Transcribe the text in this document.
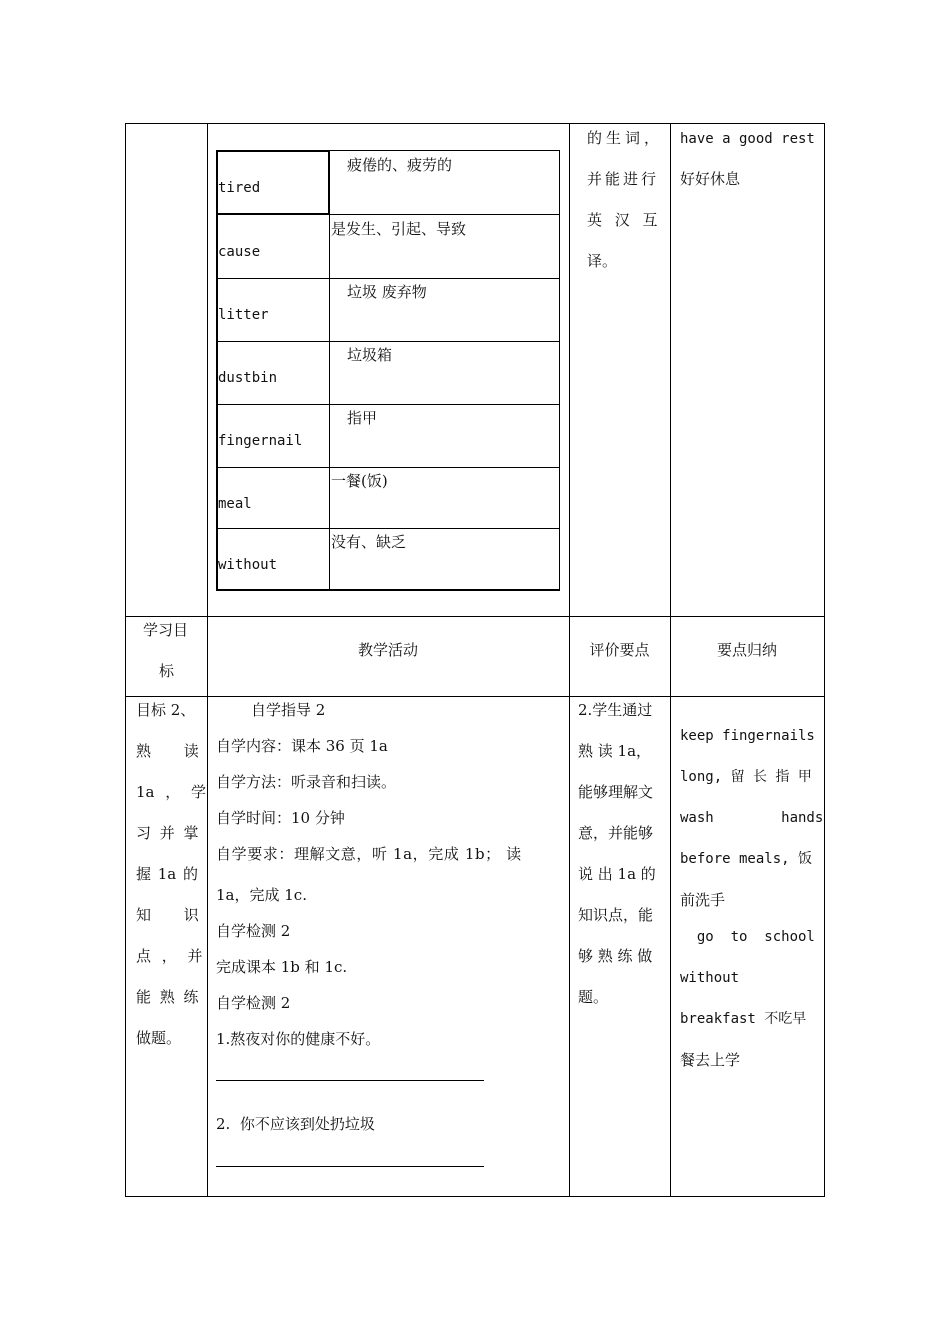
tired
疲倦的、疲劳的
cause
是发生、引起、导致
litter
垃圾 废弃物
dustbin
垃圾箱
fingernail
指甲
meal
一餐(饭)
without
没有、缺乏
的生词，
并能进行
英 汉 互
译。
have a good rest
好好休息
学习目
标
教学活动	评价要点	要点归纳
目标 2、
熟 读
1a ， 学
习 并 掌
握 1a 的
知 识
点 ， 并
能 熟 练
做题。
自学指导 2
自学内容：课本 36 页 1a
自学方法：听录音和扫读。
自学时间：10 分钟
自学要求：理解文意，听 1a，完成 1b； 读
1a，完成 1c.
自学检测 2
完成课本 1b 和 1c.
自学检测 2
1.熬夜对你的健康不好。
2.  你不应该到处扔垃圾
2.学生通过
熟 读 1a，
能够理解文
意，并能够
说 出 1a 的
知识点，能
够 熟 练 做
题。
keep fingernails
long, 留 长 指 甲
wash        hands
before meals, 饭
前洗手
go  to  school
without
breakfast 不吃早
餐去上学
